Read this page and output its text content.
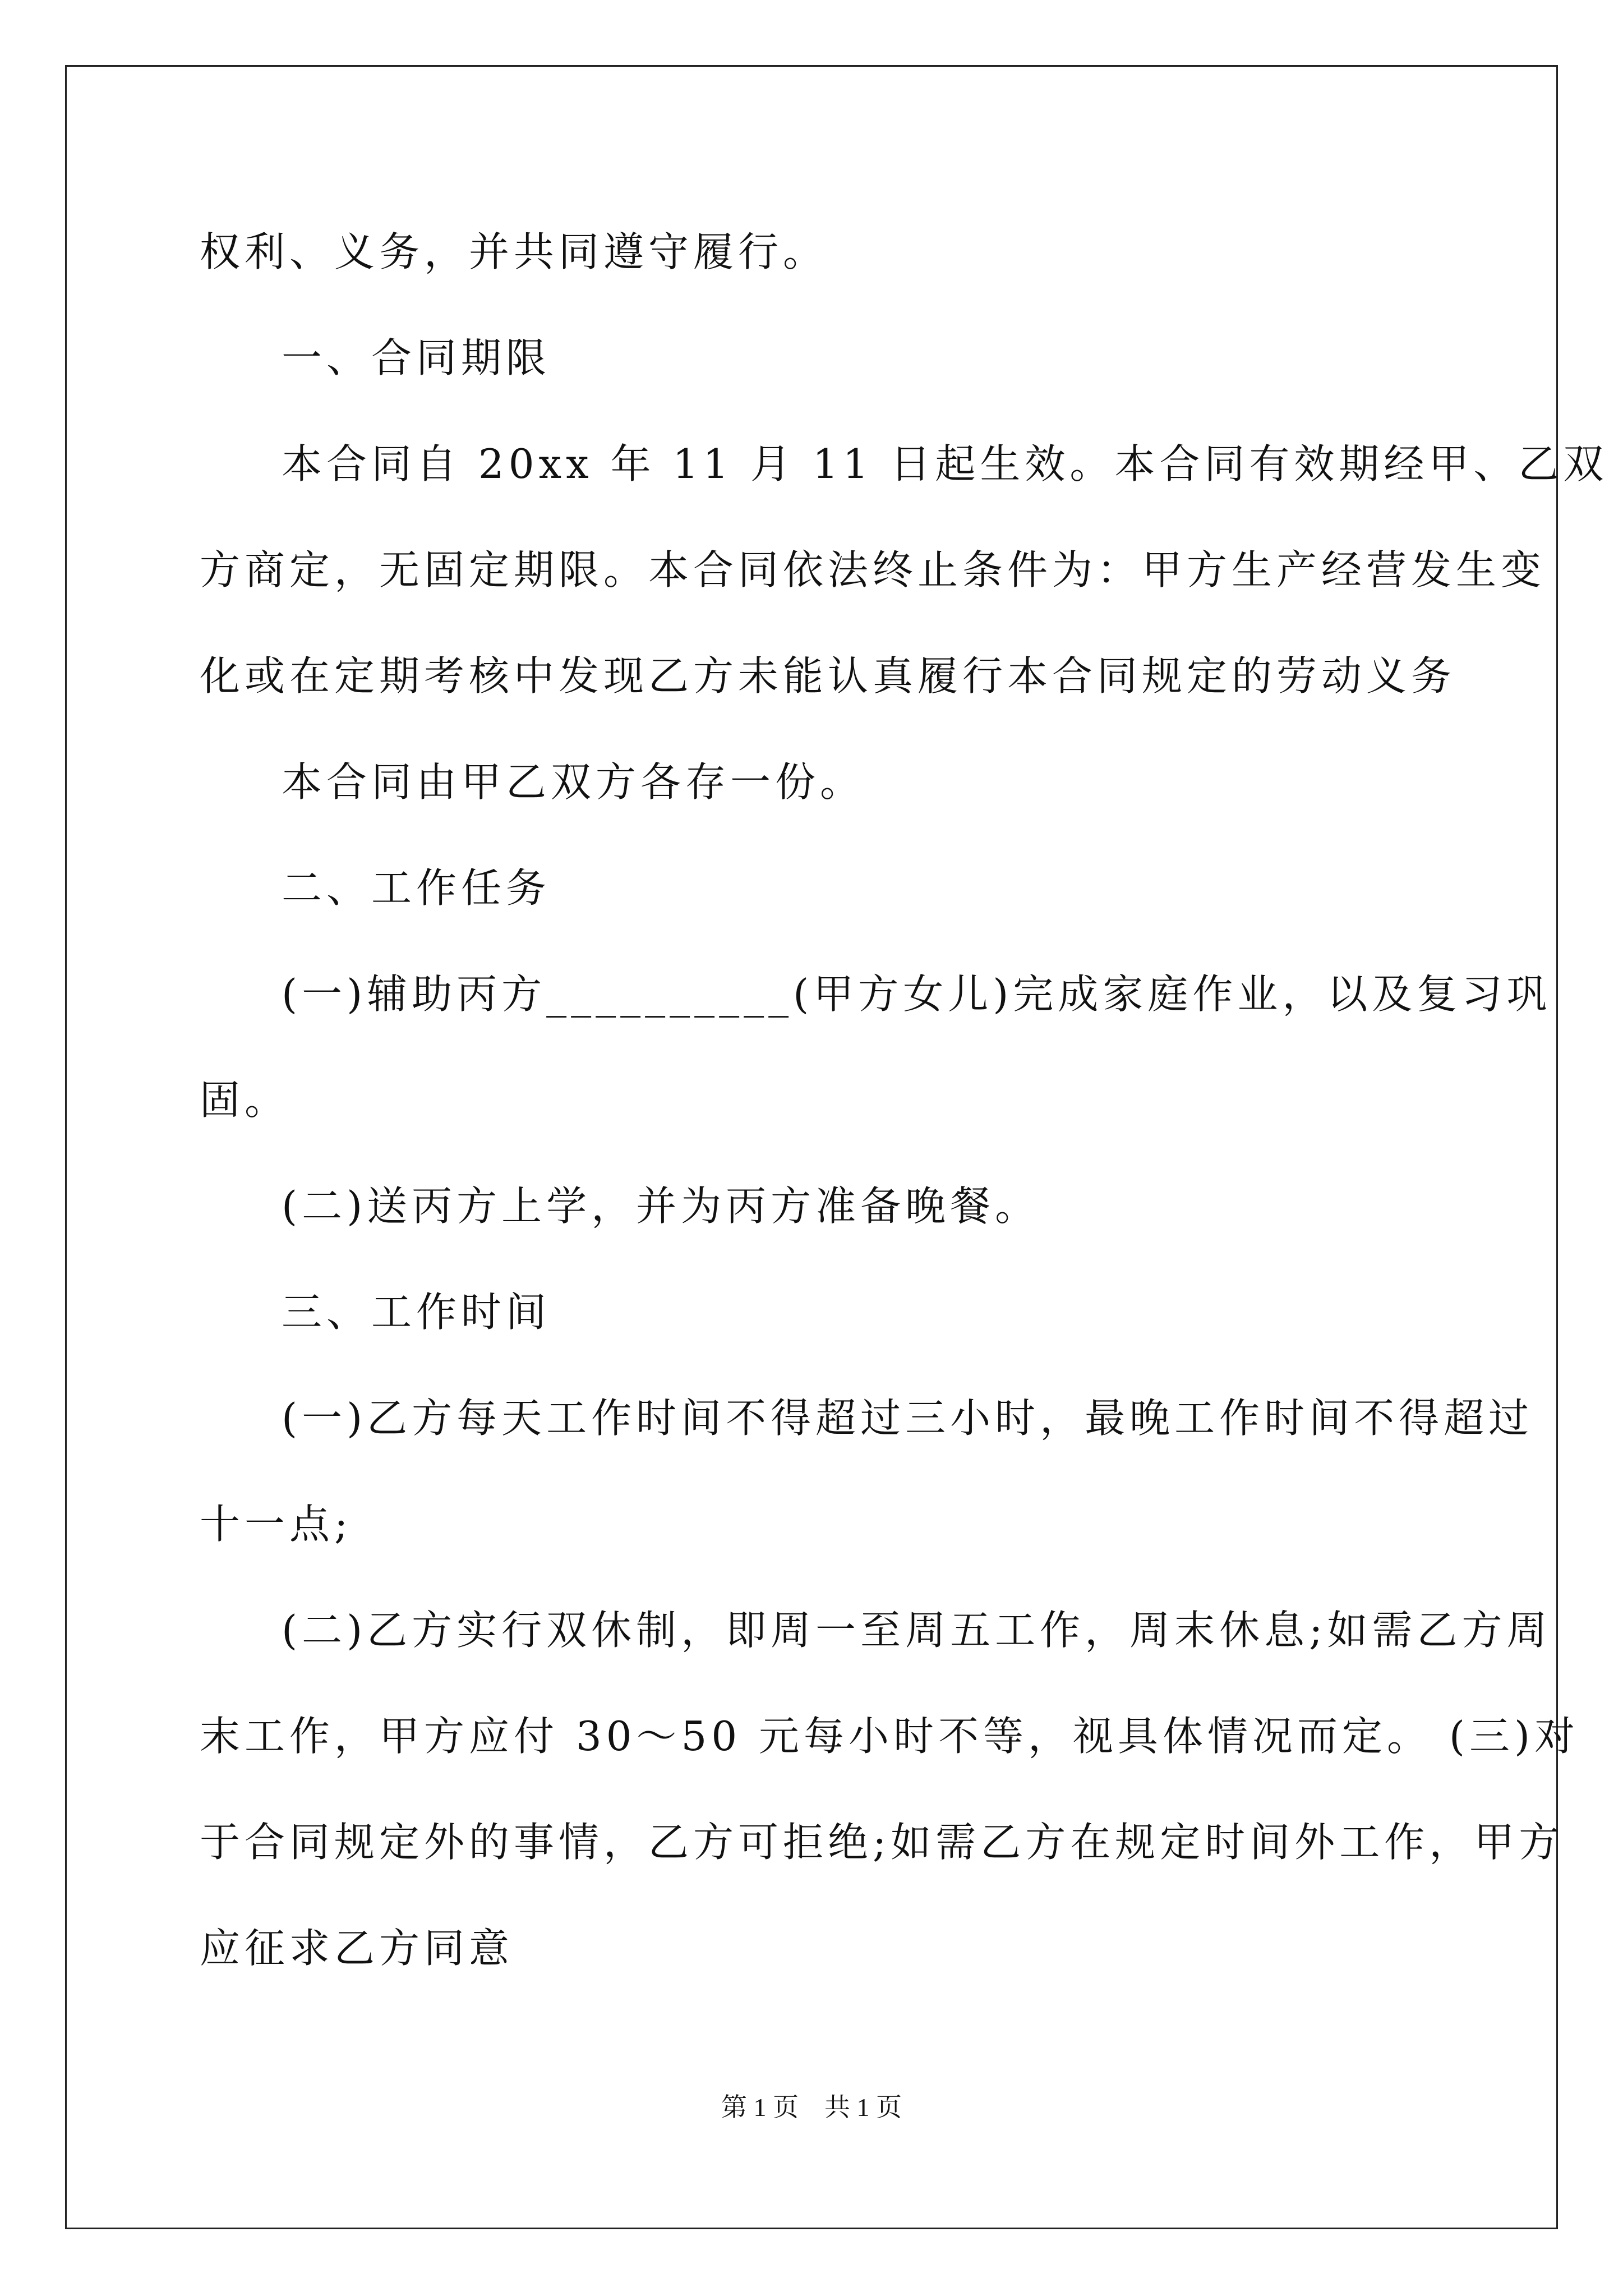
权利、义务，并共同遵守履行。

一、合同期限

本合同自 20xx 年 11 月 11 日起生效。本合同有效期经甲、乙双

方商定，无固定期限。本合同依法终止条件为：甲方生产经营发生变

化或在定期考核中发现乙方未能认真履行本合同规定的劳动义务

本合同由甲乙双方各存一份。

二、工作任务

(一)辅助丙方__________(甲方女儿)完成家庭作业，以及复习巩

固。

(二)送丙方上学，并为丙方准备晚餐。

三、工作时间

(一)乙方每天工作时间不得超过三小时，最晚工作时间不得超过

十一点;

(二)乙方实行双休制，即周一至周五工作，周末休息;如需乙方周

末工作，甲方应付 30～50 元每小时不等，视具体情况而定。 (三)对

于合同规定外的事情，乙方可拒绝;如需乙方在规定时间外工作，甲方

应征求乙方同意

第 1 页　共 1 页
